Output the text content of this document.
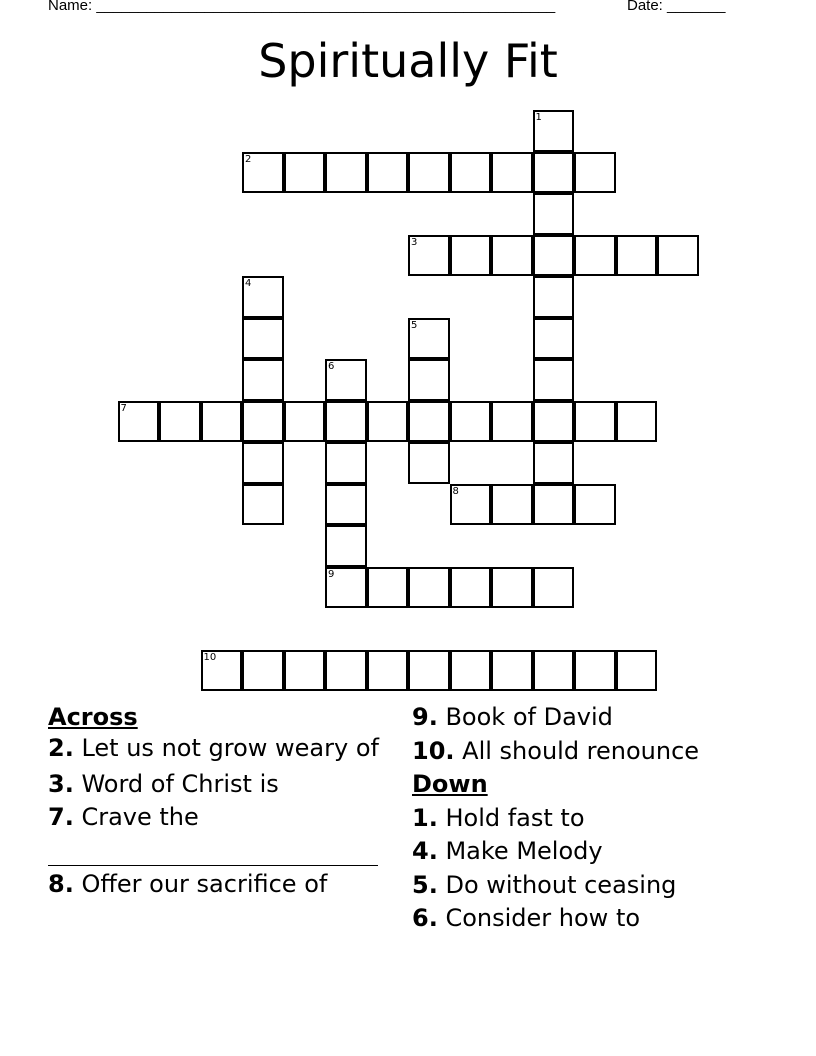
Name: _______________________________________________________	Date: _______
Spiritually Fit
1
2
3
4
5
6
9
7
8
10
Across
2. Let us not grow weary of
3. Word of Christ is
7. Crave the
8. Offer our sacrifice of
9. Book of David
10. All should renounce
Down
1. Hold fast to
4. Make Melody
5. Do without ceasing
6. Consider how to
